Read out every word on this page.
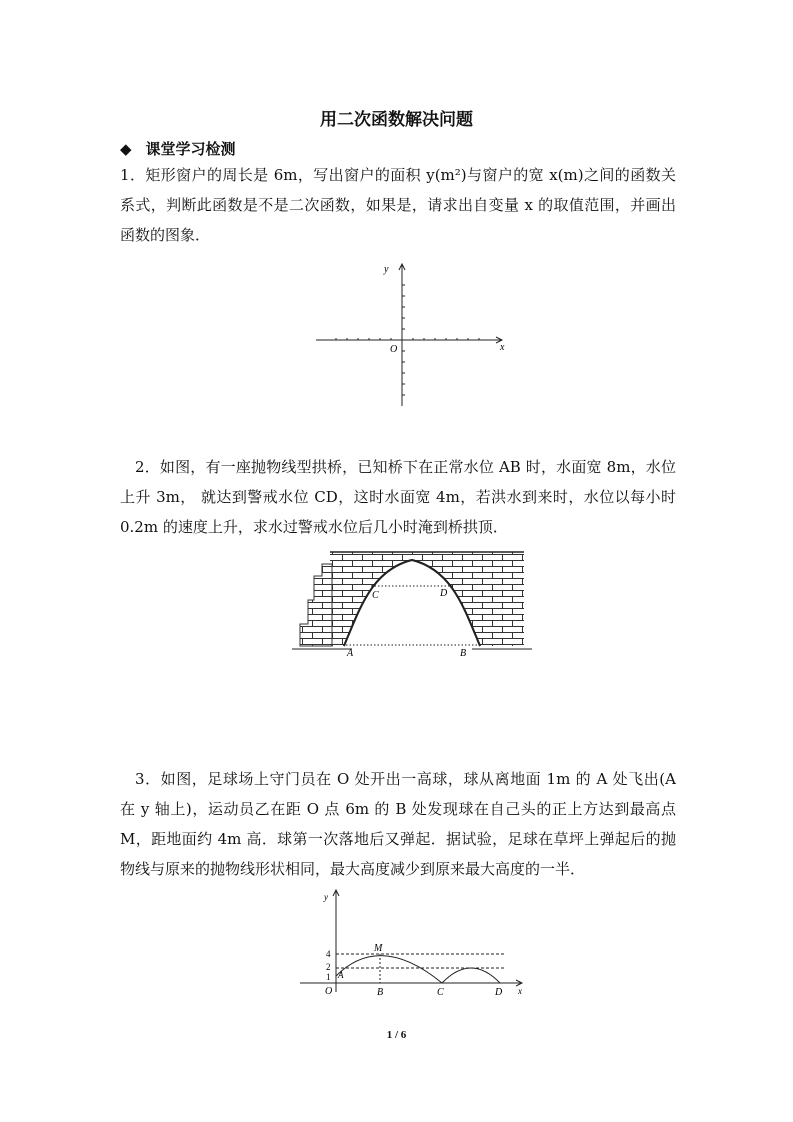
用二次函数解决问题
◆ 课堂学习检测
1．矩形窗户的周长是 6m，写出窗户的面积 y(m²)与窗户的宽 x(m)之间的函数关系式，判断此函数是不是二次函数，如果是，请求出自变量 x 的取值范围，并画出函数的图象．
y
x
O
2．如图，有一座抛物线型拱桥，已知桥下在正常水位 AB 时，水面宽 8m，水位上升 3m， 就达到警戒水位 CD，这时水面宽 4m，若洪水到来时，水位以每小时 0.2m 的速度上升，求水过警戒水位后几小时淹到桥拱顶．
C	D
A	B
3．如图，足球场上守门员在 O 处开出一高球，球从离地面 1m 的 A 处飞出(A 在 y 轴上)，运动员乙在距 O 点 6m 的 B 处发现球在自己头的正上方达到最高点 M，距地面约 4m 高．球第一次落地后又弹起．据试验，足球在草坪上弹起后的抛物线与原来的抛物线形状相同，最大高度减少到原来最大高度的一半．
y
x
O
4
2
1 A
M
B	C	D
1 / 6
